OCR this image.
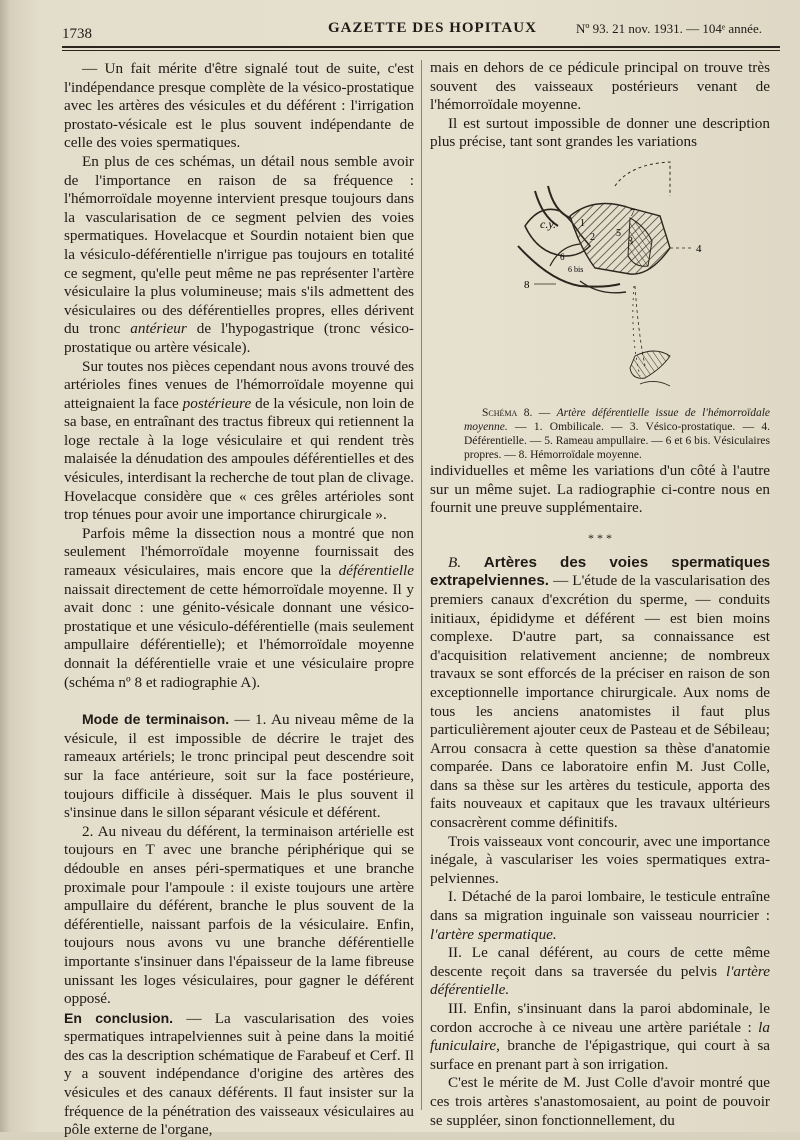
1738	GAZETTE DES HOPITAUX	Nº 93. 21 nov. 1931. — 104ᵉ année.

— Un fait mérite d'être signalé tout de suite, c'est l'indépendance presque complète de la vésico-prostatique avec les artères des vésicules et du déférent : l'irrigation prostato-vésicale est le plus souvent indépendante de celle des voies spermatiques.

En plus de ces schémas, un détail nous semble avoir de l'importance en raison de sa fréquence : l'hémorroïdale moyenne intervient presque toujours dans la vascularisation de ce segment pelvien des voies spermatiques. Hovelacque et Sourdin notaient bien que la vésiculo-déférentielle n'irrigue pas toujours en totalité ce segment, qu'elle peut même ne pas représenter l'artère vésiculaire la plus volumineuse; mais s'ils admettent des vésiculaires ou des déférentielles propres, elles dérivent du tronc antérieur de l'hypogastrique (tronc vésico-prostatique ou artère vésicale).

Sur toutes nos pièces cependant nous avons trouvé des artérioles fines venues de l'hémorroïdale moyenne qui atteignaient la face postérieure de la vésicule, non loin de sa base, en entraînant des tractus fibreux qui retiennent la loge rectale à la loge vésiculaire et qui rendent très malaisée la dénudation des ampoules déférentielles et des vésicules, interdisant la recherche de tout plan de clivage. Hovelacque considère que « ces grêles artérioles sont trop ténues pour avoir une importance chirurgicale ».

Parfois même la dissection nous a montré que non seulement l'hémorroïdale moyenne fournissait des rameaux vésiculaires, mais encore que la déférentielle naissait directement de cette hémorroïdale moyenne. Il y avait donc : une génito-vésicale donnant une vésico-prostatique et une vésiculo-déférentielle (mais seulement ampullaire déférentielle); et l'hémorroïdale moyenne donnait la déférentielle vraie et une vésiculaire propre (schéma nº 8 et radiographie A).

Mode de terminaison. — 1. Au niveau même de la vésicule, il est impossible de décrire le trajet des rameaux artériels; le tronc principal peut descendre soit sur la face antérieure, soit sur la face postérieure, toujours difficile à disséquer. Mais le plus souvent il s'insinue dans le sillon séparant vésicule et déférent.

2. Au niveau du déférent, la terminaison artérielle est toujours en T avec une branche périphérique qui se dédouble en anses péri-spermatiques et une branche proximale pour l'ampoule : il existe toujours une artère ampullaire du déférent, branche le plus souvent de la déférentielle, naissant parfois de la vésiculaire. Enfin, toujours nous avons vu une branche déférentielle importante s'insinuer dans l'épaisseur de la lame fibreuse unissant les loges vésiculaires, pour gagner le déférent opposé.

En conclusion. — La vascularisation des voies spermatiques intrapelviennes suit à peine dans la moitié des cas la description schématique de Farabeuf et Cerf. Il y a souvent indépendance d'origine des artères des vésicules et des canaux déférents. Il faut insister sur la fréquence de la pénétration des vaisseaux vésiculaires au pôle externe de l'organe,

mais en dehors de ce pédicule principal on trouve très souvent des vaisseaux postérieurs venant de l'hémorroïdale moyenne.

Il est surtout impossible de donner une description plus précise, tant sont grandes les variations

c.y. 1
2	3
4
5
6
6 bis
7
8

Schéma 8. — Artère déférentielle issue de l'hémorroïdale moyenne. — 1. Ombilicale. — 3. Vésico-prostatique. — 4. Déférentielle. — 5. Rameau ampullaire. — 6 et 6 bis. Vésiculaires propres. — 8. Hémorroïdale moyenne.

individuelles et même les variations d'un côté à l'autre sur un même sujet. La radiographie ci-contre nous en fournit une preuve supplémentaire.

* * *

B. Artères des voies spermatiques extrapelviennes. — L'étude de la vascularisation des premiers canaux d'excrétion du sperme, — conduits initiaux, épididyme et déférent — est bien moins complexe. D'autre part, sa connaissance est d'acquisition relativement ancienne; de nombreux travaux se sont efforcés de la préciser en raison de son exceptionnelle importance chirurgicale. Aux noms de tous les anciens anatomistes il faut plus particulièrement ajouter ceux de Pasteau et de Sébileau; Arrou consacra à cette question sa thèse d'anatomie comparée. Dans ce laboratoire enfin M. Just Colle, dans sa thèse sur les artères du testicule, apporta des faits nouveaux et capitaux que les travaux ultérieurs consacrèrent comme définitifs.

Trois vaisseaux vont concourir, avec une importance inégale, à vasculariser les voies spermatiques extra-pelviennes.

I. Détaché de la paroi lombaire, le testicule entraîne dans sa migration inguinale son vaisseau nourricier : l'artère spermatique.

II. Le canal déférent, au cours de cette même descente reçoit dans sa traversée du pelvis l'artère déférentielle.

III. Enfin, s'insinuant dans la paroi abdominale, le cordon accroche à ce niveau une artère pariétale : la funiculaire, branche de l'épigastrique, qui court à sa surface en prenant part à son irrigation.

C'est le mérite de M. Just Colle d'avoir montré que ces trois artères s'anastomosaient, au point de pouvoir se suppléer, sinon fonctionnellement, du
